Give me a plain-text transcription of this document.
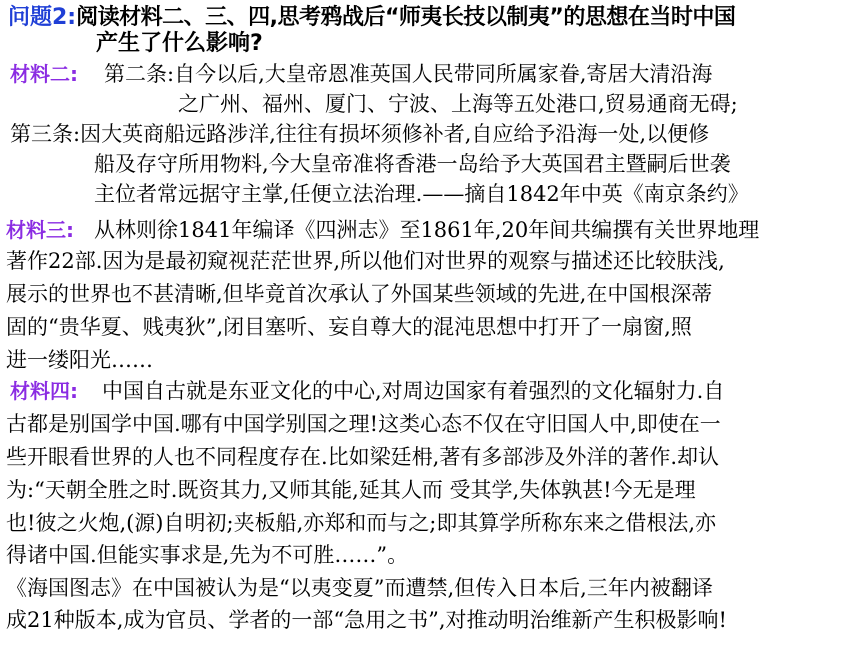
问题2:阅读材料二、三、四,思考鸦战后“师夷长技以制夷”的思想在当时中国
产生了什么影响?
材料二: 第二条:自今以后,大皇帝恩准英国人民带同所属家眷,寄居大清沿海
之广州、福州、厦门、宁波、上海等五处港口,贸易通商无碍;
第三条:因大英商船远路涉洋,往往有损坏须修补者,自应给予沿海一处,以便修
船及存守所用物料,今大皇帝准将香港一岛给予大英国君主暨嗣后世袭
主位者常远据守主掌,任便立法治理.——摘自1842年中英《南京条约》
材料三: 从林则徐1841年编译《四洲志》至1861年,20年间共编撰有关世界地理
著作22部.因为是最初窥视茫茫世界,所以他们对世界的观察与描述还比较肤浅,
展示的世界也不甚清晰,但毕竟首次承认了外国某些领域的先进,在中国根深蒂
固的“贵华夏、贱夷狄”,闭目塞听、妄自尊大的混沌思想中打开了一扇窗,照
进一缕阳光……
材料四: 中国自古就是东亚文化的中心,对周边国家有着强烈的文化辐射力.自
古都是别国学中国.哪有中国学别国之理!这类心态不仅在守旧国人中,即使在一
些开眼看世界的人也不同程度存在.比如梁廷枏,著有多部涉及外洋的著作.却认
为:“天朝全胜之时.既资其力,又师其能,延其人而 受其学,失体孰甚!今无是理
也!彼之火炮,(源)自明初;夹板船,亦郑和而与之;即其算学所称东来之借根法,亦
得诸中国.但能实事求是,先为不可胜……”。
《海国图志》在中国被认为是“以夷变夏”而遭禁,但传入日本后,三年内被翻译
成21种版本,成为官员、学者的一部“急用之书”,对推动明治维新产生积极影响!
